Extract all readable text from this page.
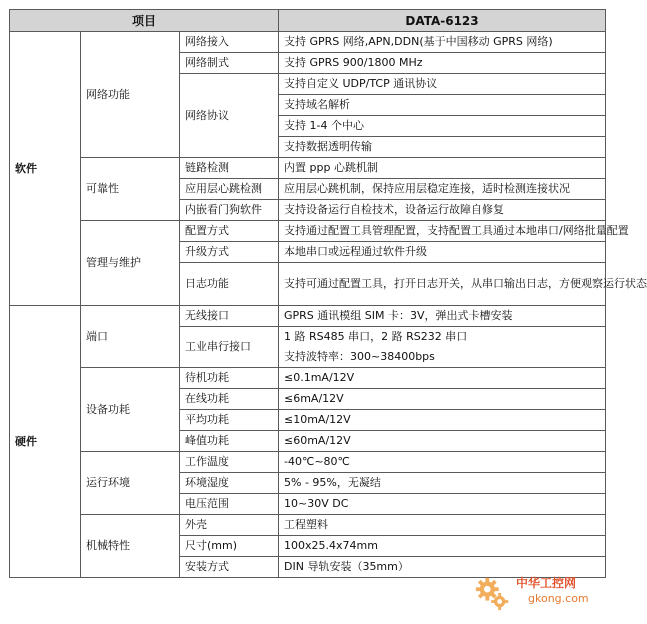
项目			DATA-6123
软件	网络功能	网络接入	支持 GPRS 网络,APN,DDN(基于中国移动 GPRS 网络)
		网络制式	支持 GPRS 900/1800 MHz
		网络协议	支持自定义 UDP/TCP 通讯协议
			支持域名解析
			支持 1-4 个中心
			支持数据透明传输
	可靠性	链路检测	内置 ppp 心跳机制
		应用层心跳检测	应用层心跳机制，保持应用层稳定连接，适时检测连接状况
		内嵌看门狗软件	支持设备运行自检技术，设备运行故障自修复
	管理与维护	配置方式	支持通过配置工具管理配置，支持配置工具通过本地串口/网络批量配置

		升级方式	本地串口或远程通过软件升级
		日志功能	支持可通过配置工具，打开日志开关，从串口输出日志，方便观察运行状态
硬件	端口	无线接口	GPRS 通讯模组 SIM 卡：3V，弹出式卡槽安装
		工业串行接口	1 路 RS485 串口，2 路 RS232 串口
			支持波特率：300~38400bps
	设备功耗	待机功耗	≤0.1mA/12V
		在线功耗	≤6mA/12V
		平均功耗	≤10mA/12V
		峰值功耗	≤60mA/12V
	运行环境	工作温度	-40℃~80℃
		环境湿度	5% - 95%，无凝结
		电压范围	10~30V DC
	机械特性	外壳	工程塑料
		尺寸(mm)	100x25.4x74mm
		安装方式	DIN 导轨安装（35mm）
中华工控网
gkong.com
